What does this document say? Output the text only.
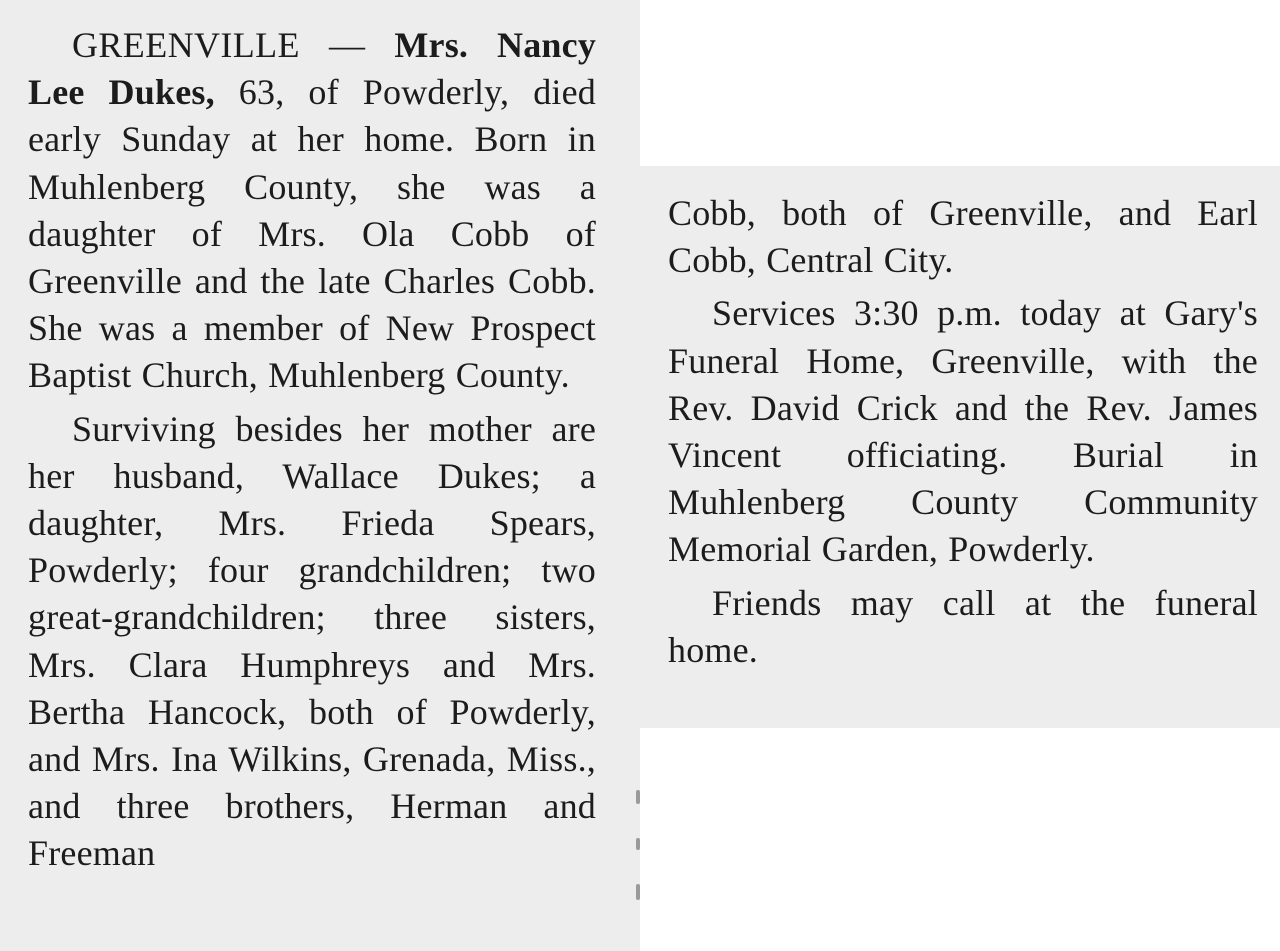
GREENVILLE — Mrs. Nancy Lee Dukes, 63, of Powderly, died early Sunday at her home. Born in Muhlenberg County, she was a daughter of Mrs. Ola Cobb of Greenville and the late Charles Cobb. She was a member of New Prospect Baptist Church, Muhlenberg County.

Surviving besides her mother are her husband, Wallace Dukes; a daughter, Mrs. Frieda Spears, Powderly; four grandchildren; two great-grandchildren; three sisters, Mrs. Clara Humphreys and Mrs. Bertha Hancock, both of Powderly, and Mrs. Ina Wilkins, Grenada, Miss., and three brothers, Herman and Freeman

Cobb, both of Greenville, and Earl Cobb, Central City.

Services 3:30 p.m. today at Gary's Funeral Home, Greenville, with the Rev. David Crick and the Rev. James Vincent officiating. Burial in Muhlenberg County Community Memorial Garden, Powderly.

Friends may call at the funeral home.
